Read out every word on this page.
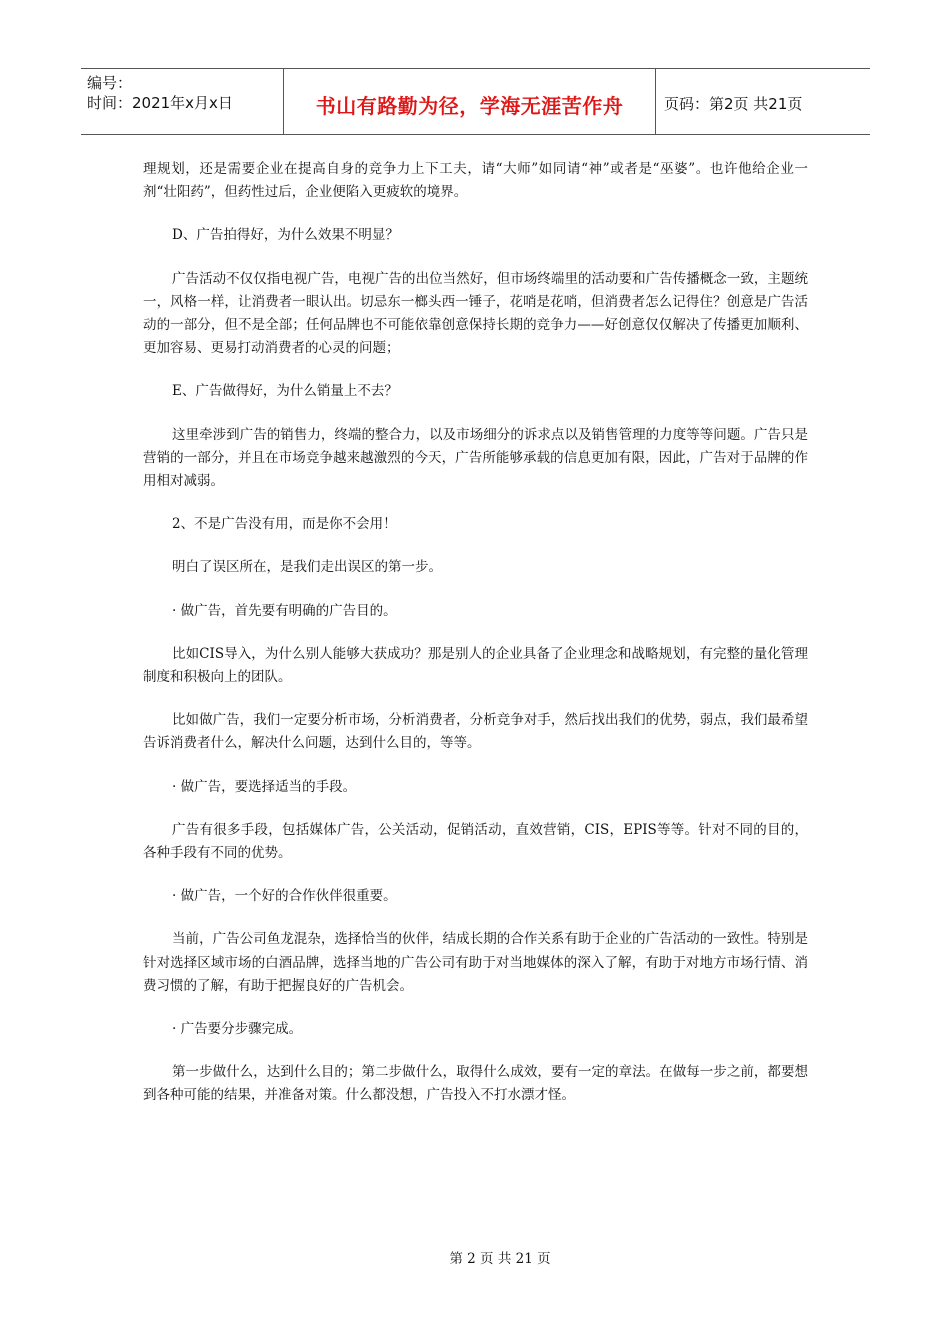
编号：
时间：2021年x月x日	书山有路勤为径，学海无涯苦作舟	页码：第2页 共21页

理规划，还是需要企业在提高自身的竞争力上下工夫，请“大师”如同请“神”或者是“巫婆”。也许他给企业一剂“壮阳药”，但药性过后，企业便陷入更疲软的境界。

D、广告拍得好，为什么效果不明显？

广告活动不仅仅指电视广告，电视广告的出位当然好，但市场终端里的活动要和广告传播概念一致，主题统一，风格一样，让消费者一眼认出。切忌东一榔头西一锤子，花哨是花哨，但消费者怎么记得住？创意是广告活动的一部分，但不是全部；任何品牌也不可能依靠创意保持长期的竞争力——好创意仅仅解决了传播更加顺利、更加容易、更易打动消费者的心灵的问题；

E、广告做得好，为什么销量上不去？

这里牵涉到广告的销售力，终端的整合力，以及市场细分的诉求点以及销售管理的力度等等问题。广告只是营销的一部分，并且在市场竞争越来越激烈的今天，广告所能够承载的信息更加有限，因此，广告对于品牌的作用相对减弱。

2、不是广告没有用，而是你不会用！

明白了误区所在，是我们走出误区的第一步。

· 做广告，首先要有明确的广告目的。

比如CIS导入，为什么别人能够大获成功？那是别人的企业具备了企业理念和战略规划，有完整的量化管理制度和积极向上的团队。

比如做广告，我们一定要分析市场，分析消费者，分析竞争对手，然后找出我们的优势，弱点，我们最希望告诉消费者什么，解决什么问题，达到什么目的，等等。

· 做广告，要选择适当的手段。

广告有很多手段，包括媒体广告，公关活动，促销活动，直效营销，CIS，EPIS等等。针对不同的目的，各种手段有不同的优势。

· 做广告，一个好的合作伙伴很重要。

当前，广告公司鱼龙混杂，选择恰当的伙伴，结成长期的合作关系有助于企业的广告活动的一致性。特别是针对选择区域市场的白酒品牌，选择当地的广告公司有助于对当地媒体的深入了解，有助于对地方市场行情、消费习惯的了解，有助于把握良好的广告机会。

· 广告要分步骤完成。

第一步做什么，达到什么目的；第二步做什么，取得什么成效，要有一定的章法。在做每一步之前，都要想到各种可能的结果，并准备对策。什么都没想，广告投入不打水漂才怪。

第 2 页 共 21 页
